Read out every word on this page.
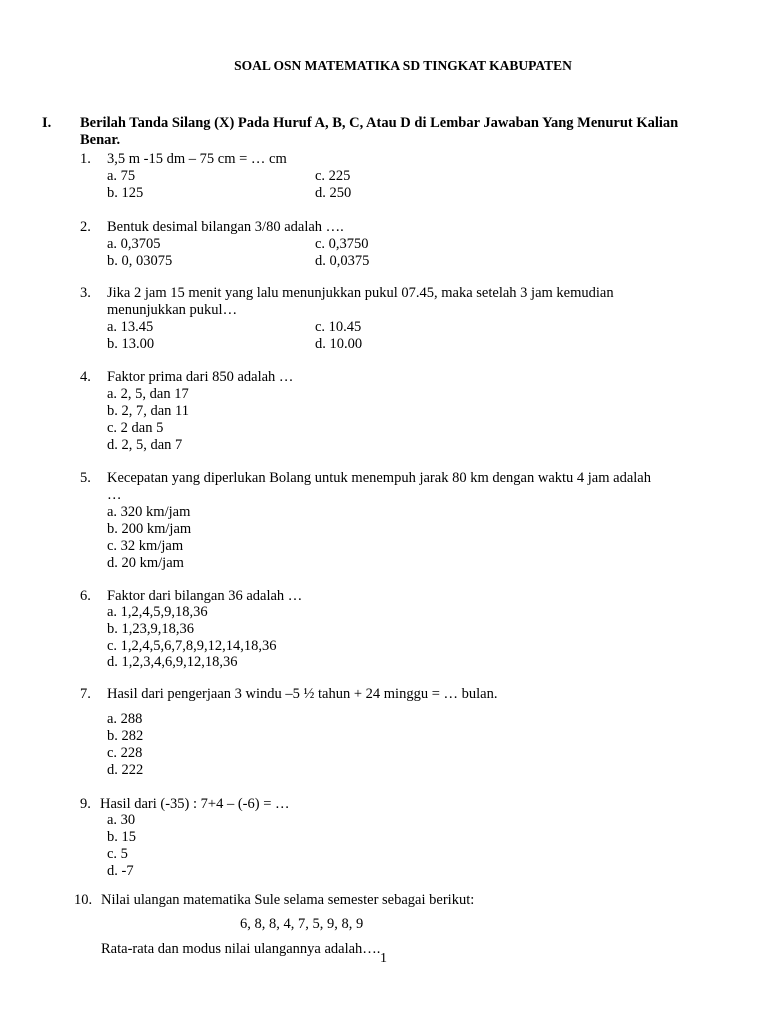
SOAL OSN MATEMATIKA SD TINGKAT KABUPATEN
I. Berilah Tanda Silang (X) Pada Huruf A, B, C, Atau D di Lembar Jawaban Yang Menurut Kalian Benar.
1.	3,5 m -15 dm – 75 cm = … cm
a. 75
b. 125
c. 225
d. 250
2.	Bentuk desimal bilangan 3/80 adalah ….
a. 0,3705
b. 0, 03075
c. 0,3750
d. 0,0375
3.	Jika 2 jam 15 menit yang lalu menunjukkan pukul 07.45, maka setelah 3 jam kemudian menunjukkan pukul…
a. 13.45
b. 13.00
c. 10.45
d. 10.00
4.	Faktor prima dari 850 adalah …
a. 2, 5, dan 17
b. 2, 7, dan 11
c. 2 dan 5
d. 2, 5, dan 7
5.	Kecepatan yang diperlukan Bolang untuk menempuh jarak 80 km dengan waktu 4 jam adalah …
a. 320 km/jam
b. 200 km/jam
c. 32 km/jam
d. 20 km/jam
6.	Faktor dari bilangan 36 adalah …
a. 1,2,4,5,9,18,36
b. 1,23,9,18,36
c. 1,2,4,5,6,7,8,9,12,14,18,36
d. 1,2,3,4,6,9,12,18,36
7.	Hasil dari pengerjaan 3 windu –5 ½ tahun + 24 minggu = … bulan.
a. 288
b. 282
c. 228
d. 222
9. Hasil dari (-35) : 7+4 – (-6) = …
a. 30
b. 15
c. 5
d. -7
10. Nilai ulangan matematika Sule selama semester sebagai berikut:
6, 8, 8, 4, 7, 5, 9, 8, 9
Rata-rata dan modus nilai ulangannya adalah….
1
